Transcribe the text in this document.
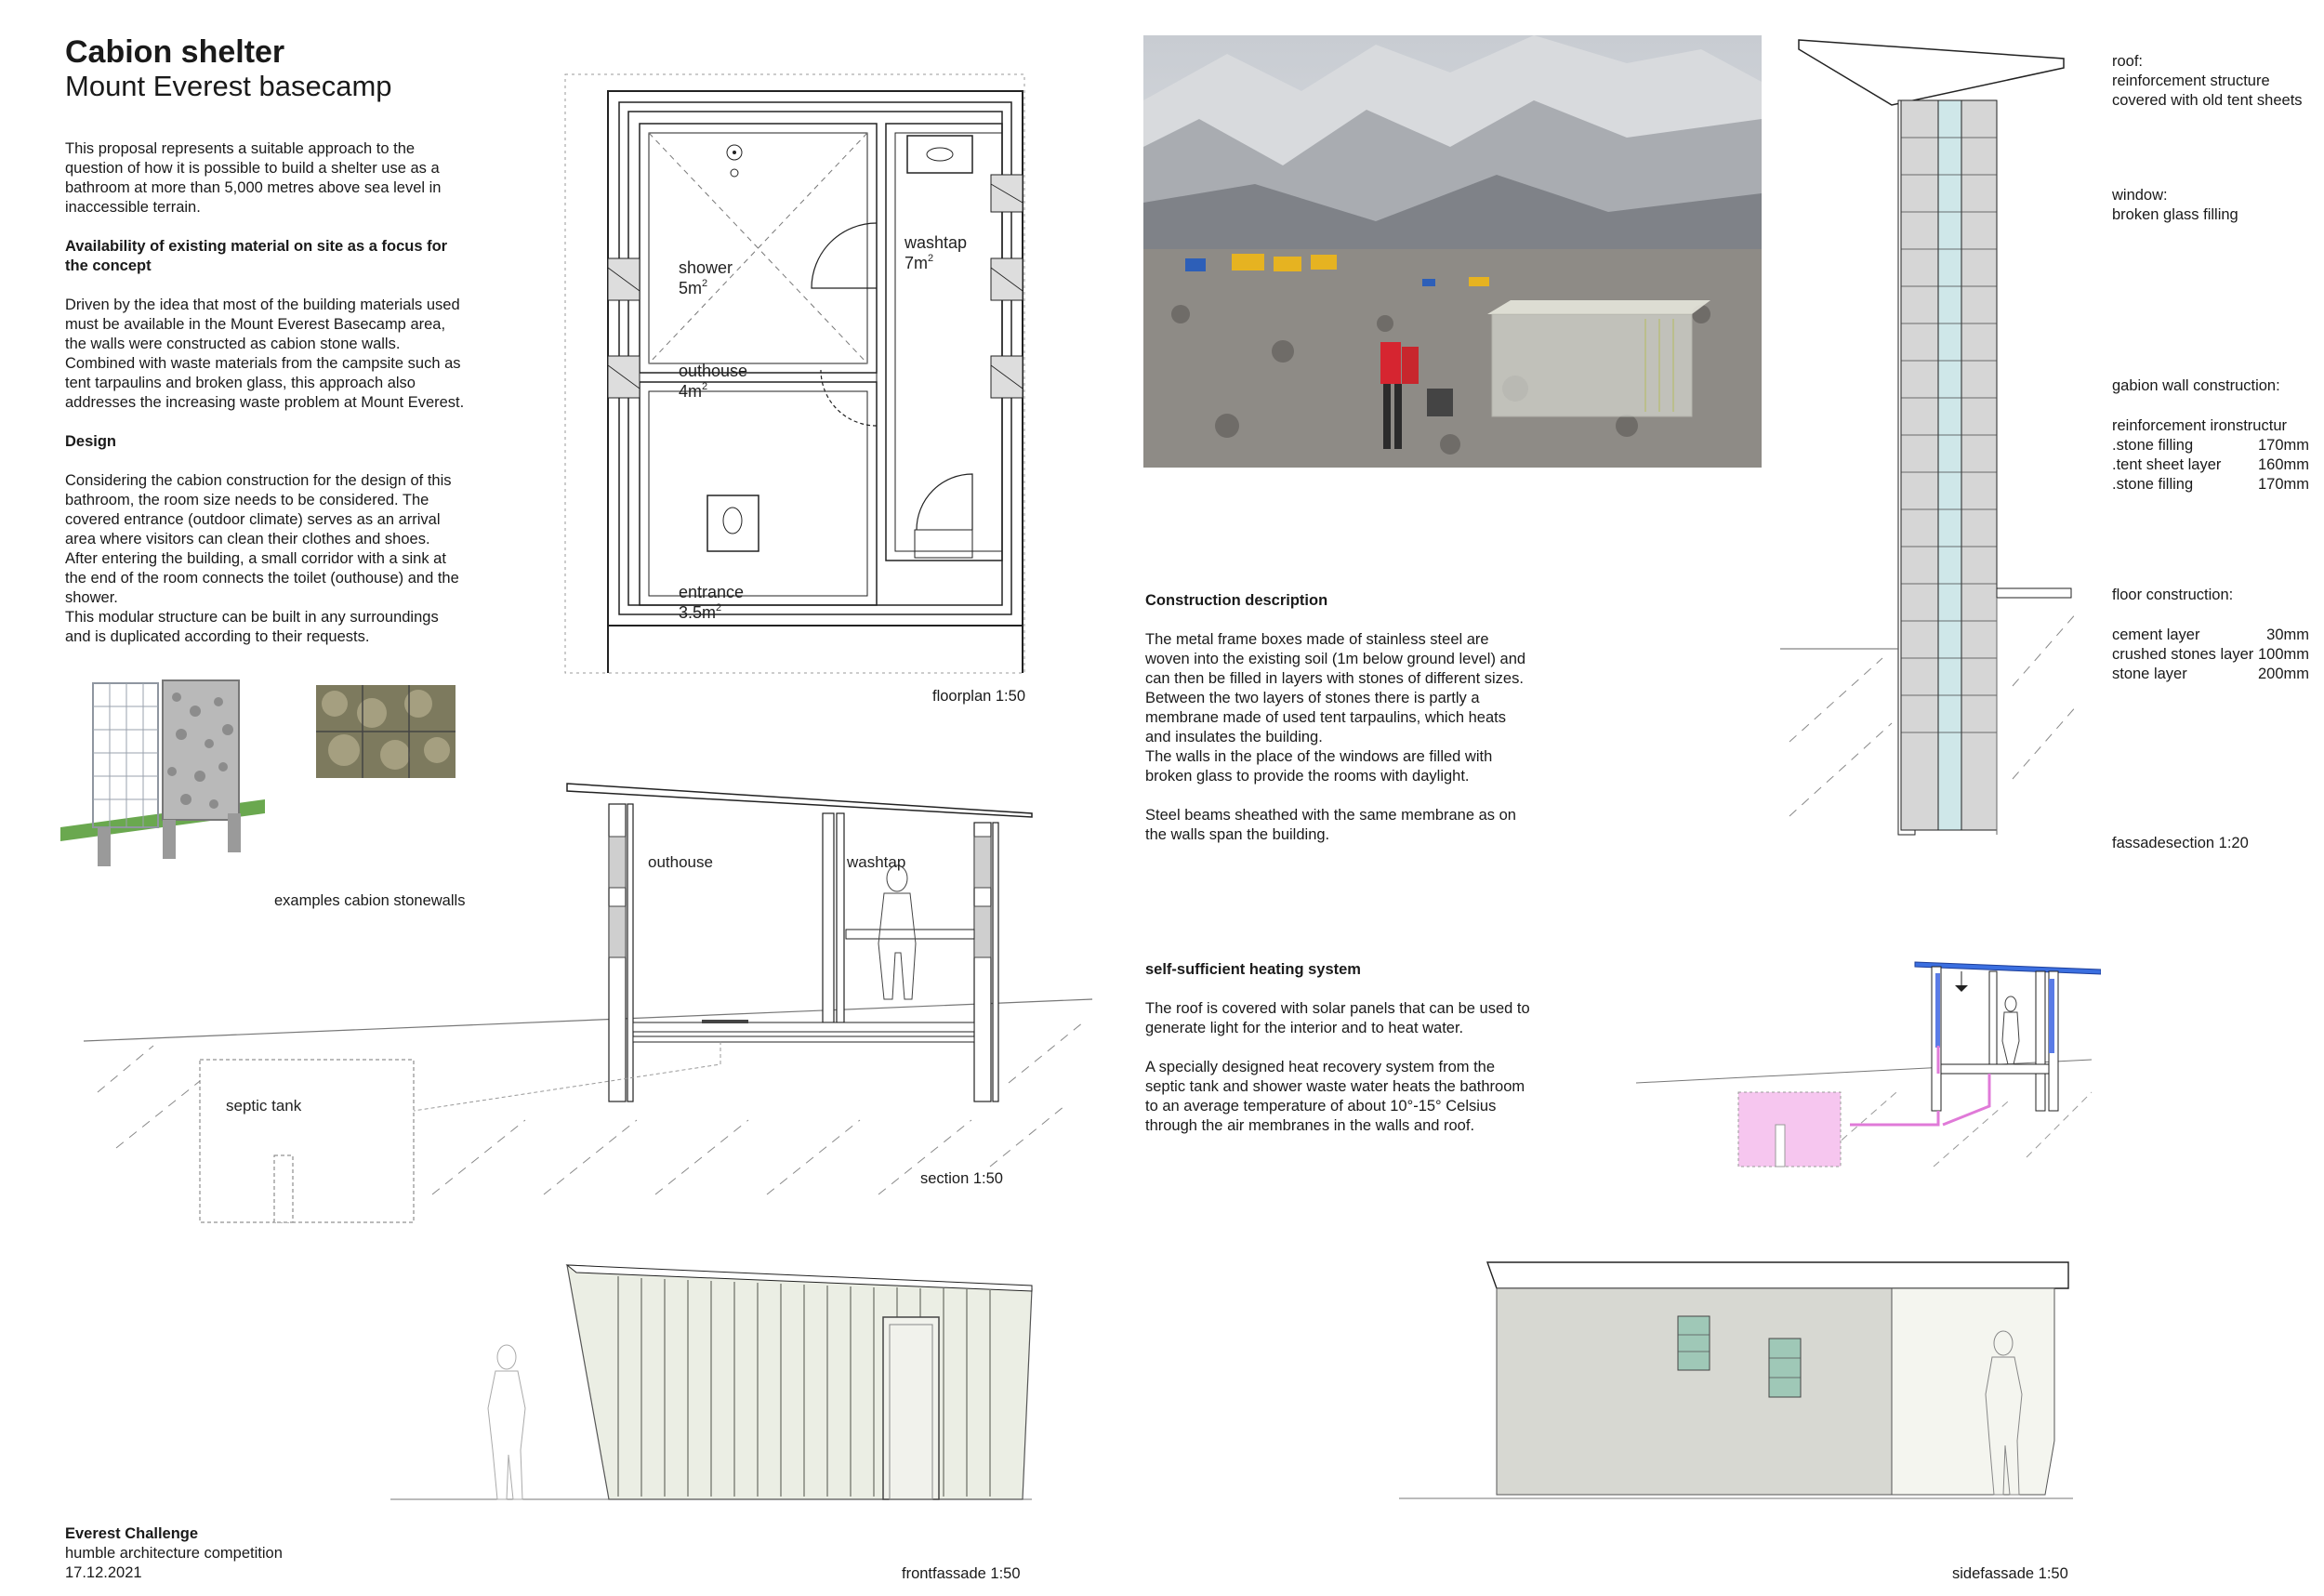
Cabion shelter
Mount Everest basecamp

This proposal represents a suitable approach to the question of how it is possible to build a shelter use as a bathroom at more than 5,000 metres above sea level in inaccessible terrain.

Availability of existing material on site as a focus for the concept

Driven by the idea that most of the building materials used must be available in the Mount Everest Basecamp area, the walls were constructed as cabion stone walls.
Combined with waste materials from the campsite such as tent tarpaulins and broken glass, this approach also addresses the increasing waste problem at Mount Everest.

Design

Considering the cabion construction for the design of this bathroom, the room size needs to be considered. The covered entrance (outdoor climate) serves as an arrival area where visitors can clean their clothes and shoes. After entering the building, a small corridor with a sink at the end of the room connects the toilet (outhouse) and the shower.
This modular structure can be built in any surroundings and is duplicated according to their requests.

examples cabion stonewalls
shower
$5m^2$
washtap
$7m^2$
outhouse
$4m^2$
entrance
$3.5m^2$
floorplan 1:50
septic tank
outhouse	washtap
section 1:50

Construction description

The metal frame boxes made of stainless steel are woven into the existing soil (1m below ground level) and can then be filled in layers with stones of different sizes.
Between the two layers of stones there is partly a membrane made of used tent tarpaulins, which heats and insulates the building.
The walls in the place of the windows are filled with broken glass to provide the rooms with daylight.

Steel beams sheathed with the same membrane as on the walls span the building.

self-sufficient heating system

The roof is covered with solar panels that can be used to generate light for the interior and to heat water.

A specially designed heat recovery system from the septic tank and shower waste water heats the bathroom to an average temperature of about 10°-15° Celsius through the air membranes in the walls and roof.

roof:
reinforcement structure
covered with old tent sheets
window:
broken glass filling
gabion wall construction:
reinforcement ironstructur
.stone filling	170mm
.tent sheet layer 160mm
.stone filling	170mm
floor construction:
cement layer	30mm
crushed stones layer 100mm
stone layer	200mm
fassadesection 1:20
frontfassade 1:50	sidefassade 1:50
Everest Challenge
humble architecture competition
17.12.2021
